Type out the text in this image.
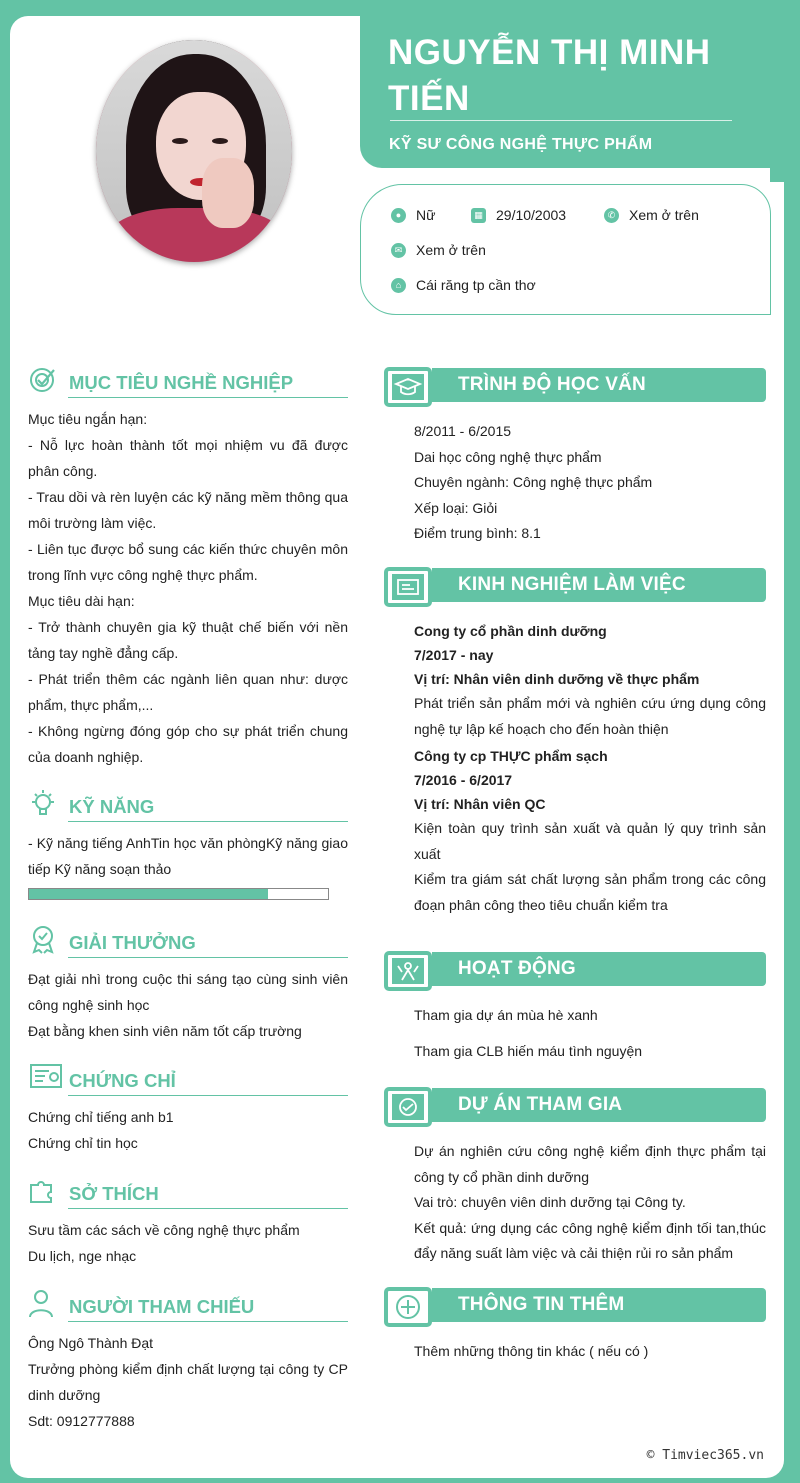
NGUYỄN THỊ MINH TIẾN
KỸ SƯ CÔNG NGHỆ THỰC PHẨM
●	Nữ	▦ 29/10/2003	✆ Xem ở trên
✉ Xem ở trên
⌂	Cái răng tp cần thơ
MỤC TIÊU NGHỀ NGHIỆP

Mục tiêu ngắn hạn:

- Nỗ lực hoàn thành tốt mọi nhiệm vu đã được phân công.

- Trau dồi và rèn luyện các kỹ năng mềm thông qua môi trường làm việc.

- Liên tục được bổ sung các kiến thức chuyên môn trong lĩnh vực công nghệ thực phẩm.

Mục tiêu dài hạn:

- Trở thành chuyên gia kỹ thuật chế biến với nền tảng tay nghề đẳng cấp.

- Phát triển thêm các ngành liên quan như: dược phẩm, thực phẩm,...

- Không ngừng đóng góp cho sự phát triển chung của doanh nghiệp.

KỸ NĂNG

- Kỹ năng tiếng AnhTin học văn phòngKỹ năng giao tiếp Kỹ năng soạn thảo

GIẢI THƯỞNG

Đạt giải nhì trong cuộc thi sáng tạo cùng sinh viên công nghệ sinh học

Đạt bằng khen sinh viên năm tốt cấp trường

CHỨNG CHỈ

Chứng chỉ tiếng anh b1

Chứng chỉ tin học

SỞ THÍCH

Sưu tầm các sách về công nghệ thực phẩm

Du lịch, nge nhạc

NGƯỜI THAM CHIẾU

Ông Ngô Thành Đạt

Trưởng phòng kiểm định chất lượng tại công ty CP dinh dưỡng

Sdt: 0912777888

TRÌNH ĐỘ HỌC VẤN

8/2011 - 6/2015

Dai học công nghệ thực phẩm

Chuyên ngành: Công nghệ thực phẩm

Xếp loại: Giỏi

Điểm trung bình: 8.1

KINH NGHIỆM LÀM VIỆC

Cong ty cổ phần dinh dưỡng

7/2017 - nay

Vị trí: Nhân viên dinh dưỡng về thực phẩm

Phát triển sản phẩm mới và nghiên cứu ứng dụng công nghệ tự lập kế hoạch cho đến hoàn thiện

Công ty cp THỰC phẩm sạch

7/2016 - 6/2017

Vị trí: Nhân viên QC

Kiện toàn quy trình sản xuất và quản lý quy trình sản xuất

Kiểm tra giám sát chất lượng sản phẩm trong các công đoạn phân công theo tiêu chuẩn kiểm tra

HOẠT ĐỘNG

Tham gia dự án mùa hè xanh

Tham gia CLB hiến máu tình nguyện

DỰ ÁN THAM GIA

Dự án nghiên cứu công nghệ kiểm định thực phẩm tại công ty cổ phần dinh dưỡng

Vai trò: chuyên viên dinh dưỡng tại Công ty.

Kết quả: ứng dụng các công nghệ kiểm định tối tan,thúc đẩy năng suất làm việc và cải thiện rủi ro sản phẩm

THÔNG TIN THÊM

Thêm những thông tin khác ( nếu có )

© Timviec365.vn
